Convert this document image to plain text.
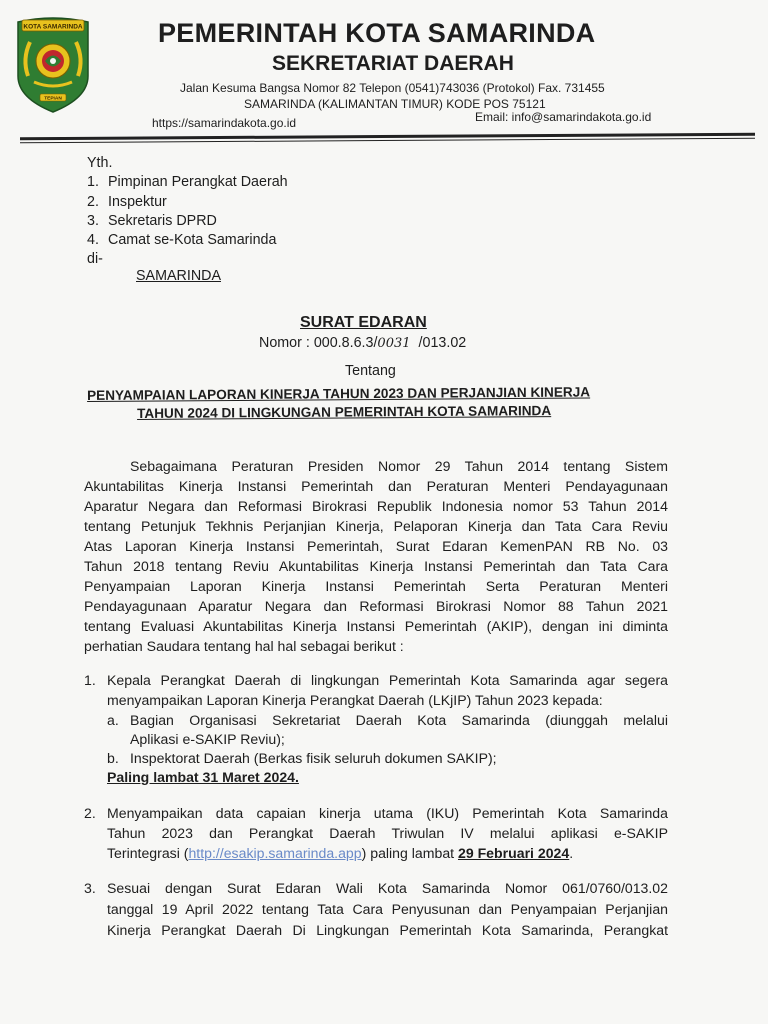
KOTA SAMARINDA
TEPIAN
PEMERINTAH KOTA SAMARINDA
SEKRETARIAT DAERAH
Jalan Kesuma Bangsa Nomor 82 Telepon (0541)743036 (Protokol) Fax. 731455
SAMARINDA (KALIMANTAN TIMUR) KODE POS 75121
https://samarindakota.go.id	Email: info@samarindakota.go.id
Yth.
1. Pimpinan Perangkat Daerah
2. Inspektur
3. Sekretaris DPRD
4. Camat se-Kota Samarinda
di-
SAMARINDA
SURAT EDARAN
Nomor : 000.8.6.3/0031 /013.02
Tentang
PENYAMPAIAN LAPORAN KINERJA TAHUN 2023 DAN PERJANJIAN KINERJA
TAHUN 2024 DI LINGKUNGAN PEMERINTAH KOTA SAMARINDA
Sebagaimana Peraturan Presiden Nomor 29 Tahun 2014 tentang Sistem
Akuntabilitas Kinerja Instansi Pemerintah dan Peraturan Menteri Pendayagunaan
Aparatur Negara dan Reformasi Birokrasi Republik Indonesia nomor 53 Tahun 2014
tentang Petunjuk Tekhnis Perjanjian Kinerja, Pelaporan Kinerja dan Tata Cara Reviu
Atas Laporan Kinerja Instansi Pemerintah, Surat Edaran KemenPAN RB No. 03
Tahun 2018 tentang Reviu Akuntabilitas Kinerja Instansi Pemerintah dan Tata Cara
Penyampaian Laporan Kinerja Instansi Pemerintah Serta Peraturan Menteri
Pendayagunaan Aparatur Negara dan Reformasi Birokrasi Nomor 88 Tahun 2021
tentang Evaluasi Akuntabilitas Kinerja Instansi Pemerintah (AKIP), dengan ini diminta
perhatian Saudara tentang hal hal sebagai berikut :
1. Kepala Perangkat Daerah di lingkungan Pemerintah Kota Samarinda agar segera
menyampaikan Laporan Kinerja Perangkat Daerah (LKjIP) Tahun 2023 kepada:
a. Bagian Organisasi Sekretariat Daerah Kota Samarinda (diunggah melalui
Aplikasi e-SAKIP Reviu);
b. Inspektorat Daerah (Berkas fisik seluruh dokumen SAKIP);
Paling lambat 31 Maret 2024.
2. Menyampaikan data capaian kinerja utama (IKU) Pemerintah Kota Samarinda
Tahun 2023 dan Perangkat Daerah Triwulan IV melalui aplikasi e-SAKIP
Terintegrasi (http://esakip.samarinda.app) paling lambat 29 Februari 2024.
3. Sesuai dengan Surat Edaran Wali Kota Samarinda Nomor 061/0760/013.02
tanggal 19 April 2022 tentang Tata Cara Penyusunan dan Penyampaian Perjanjian
Kinerja Perangkat Daerah Di Lingkungan Pemerintah Kota Samarinda, Perangkat
